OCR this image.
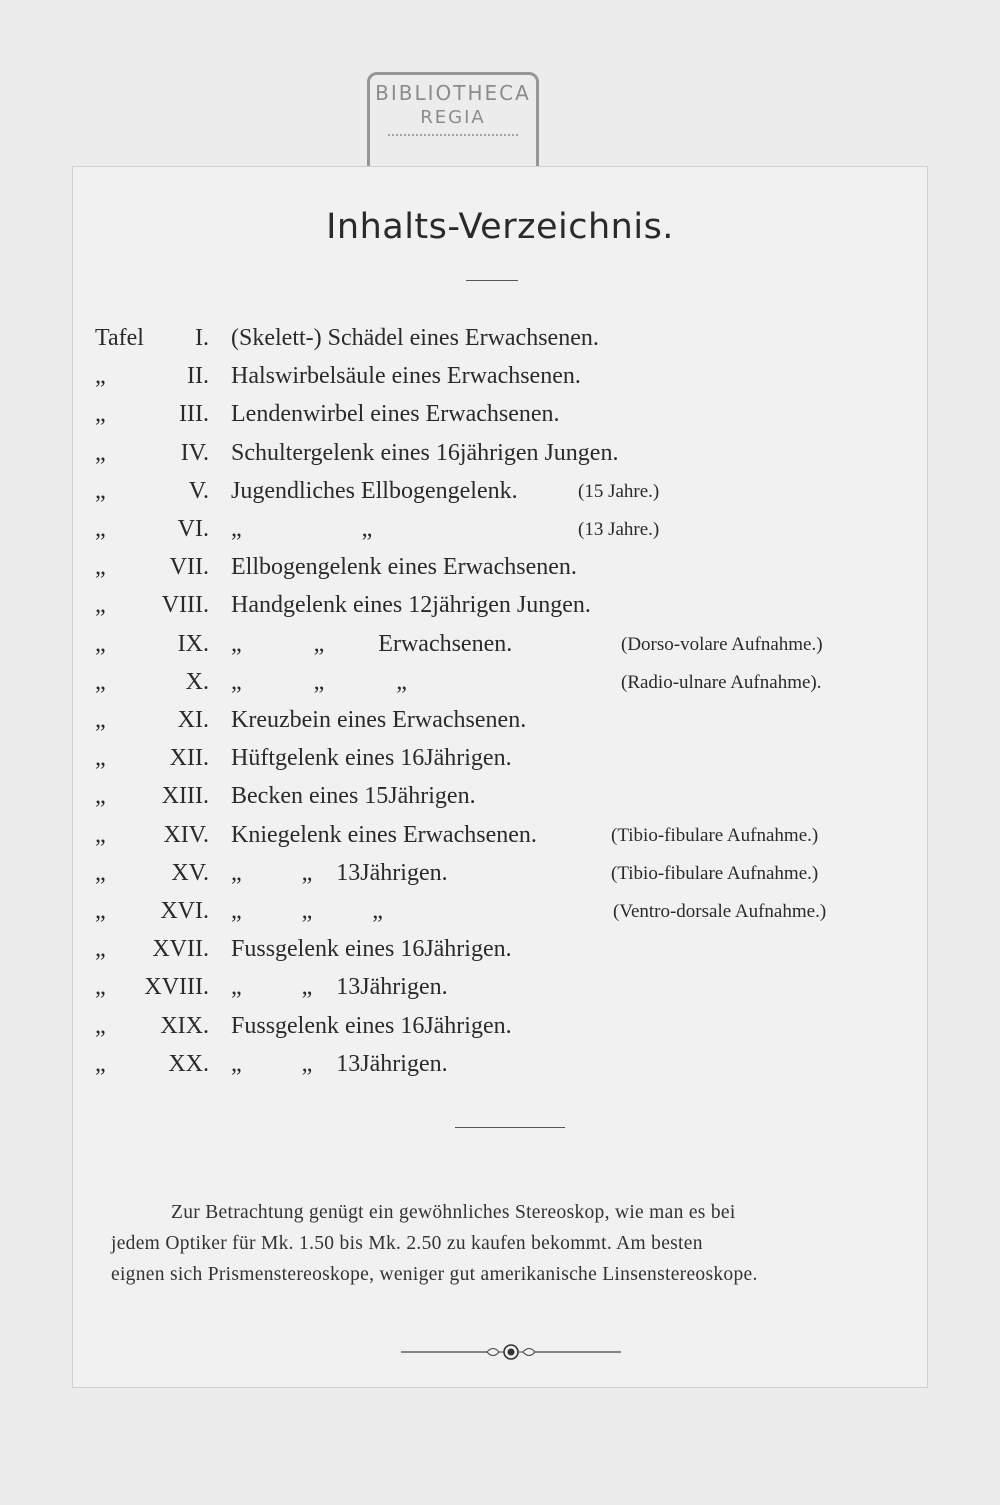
BIBLIOTHECA
REGIA
Inhalts-Verzeichnis.
Tafel	I. (Skelett-) Schädel eines Erwachsenen.
„	II. Halswirbelsäule eines Erwachsenen.
„	III. Lendenwirbel eines Erwachsenen.
„	IV. Schultergelenk eines 16jährigen Jungen.
„	V. Jugendliches Ellbogengelenk.	(15 Jahre.)
„	VI. „                    „	(13 Jahre.)
„	VII. Ellbogengelenk eines Erwachsenen.
„	VIII. Handgelenk eines 12jährigen Jungen.
„	IX. „            „         Erwachsenen.	(Dorso-volare Aufnahme.)
„	X. „            „            „	(Radio-ulnare Aufnahme).
„	XI. Kreuzbein eines Erwachsenen.
„	XII. Hüftgelenk eines 16Jährigen.
„	XIII. Becken eines 15Jährigen.
„	XIV. Kniegelenk eines Erwachsenen.	(Tibio-fibulare Aufnahme.)
„	XV. „          „    13Jährigen.	(Tibio-fibulare Aufnahme.)
„	XVI. „          „          „	(Ventro-dorsale Aufnahme.)
„	XVII. Fussgelenk eines 16Jährigen.
„	XVIII. „          „    13Jährigen.
„	XIX. Fussgelenk eines 16Jährigen.
„	XX. „          „    13Jährigen.

Zur Betrachtung genügt ein gewöhnliches Stereoskop, wie man es bei

jedem Optiker für Mk. 1.50 bis Mk. 2.50 zu kaufen bekommt. Am besten

eignen sich Prismenstereoskope, weniger gut amerikanische Linsenstereoskope.
